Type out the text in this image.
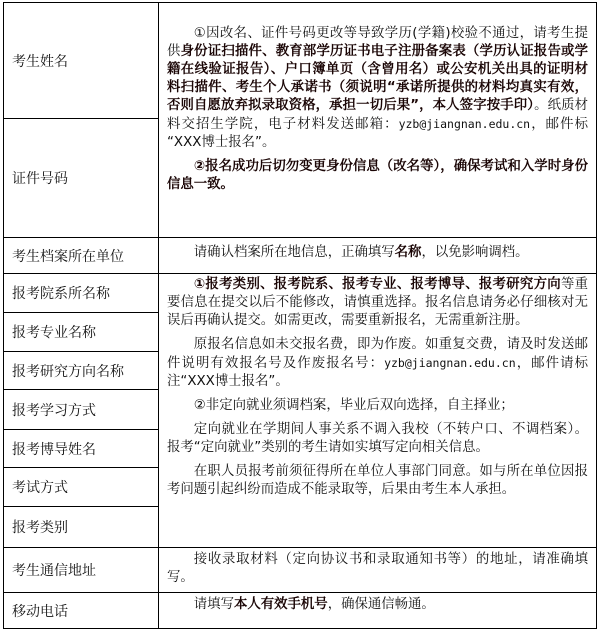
考生姓名
证件号码
考生档案所在单位
报考院系所名称
报考专业名称
报考研究方向名称
报考学习方式
报考博导姓名
考试方式
报考类别
考生通信地址
移动电话

①因改名、证件号码更改等导致学历(学籍)校验不通过，请考生提供身份证扫描件、教育部学历证书电子注册备案表（学历认证报告或学籍在线验证报告）、户口簿单页（含曾用名）或公安机关出具的证明材料扫描件、考生个人承诺书（须说明“承诺所提供的材料均真实有效，否则自愿放弃拟录取资格，承担一切后果”，本人签字按手印）。纸质材料交招生学院，电子材料发送邮箱：yzb@jiangnan.edu.cn，邮件标 “XXX博士报名”。

②报名成功后切勿变更身份信息（改名等），确保考试和入学时身份信息一致。

请确认档案所在地信息，正确填写名称，以免影响调档。

①报考类别、报考院系、报考专业、报考博导、报考研究方向等重要信息在提交以后不能修改，请慎重选择。报名信息请务必仔细核对无误后再确认提交。如需更改，需要重新报名，无需重新注册。

原报名信息如未交报名费，即为作废。如重复交费，请及时发送邮件说明有效报名号及作废报名号：yzb@jiangnan.edu.cn，邮件请标注“XXX博士报名”。

②非定向就业须调档案，毕业后双向选择，自主择业；

定向就业在学期间人事关系不调入我校（不转户口、不调档案）。报考“定向就业”类别的考生请如实填写定向相关信息。

在职人员报考前须征得所在单位人事部门同意。如与所在单位因报考问题引起纠纷而造成不能录取等，后果由考生本人承担。

接收录取材料（定向协议书和录取通知书等）的地址，请准确填写。

请填写本人有效手机号，确保通信畅通。
